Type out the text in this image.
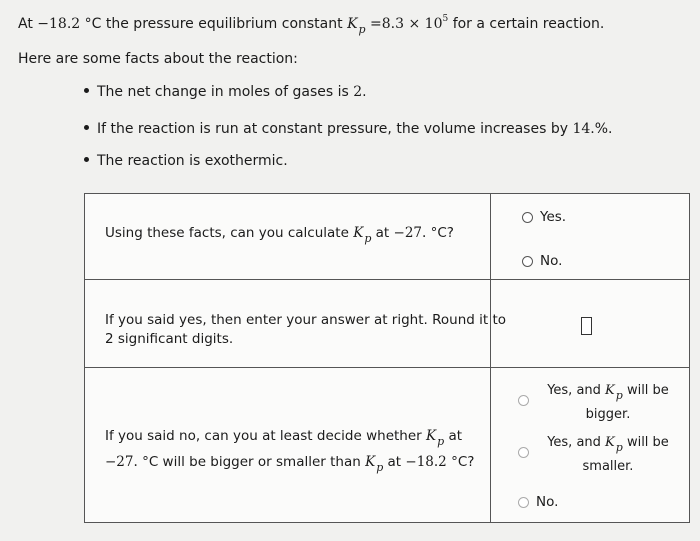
At −18.2 °C the pressure equilibrium constant $K_p =8.3 \times 10^5$ for a certain reaction.
Here are some facts about the reaction:
The net change in moles of gases is
2 .
If the reaction is run at constant pressure, the volume increases by
14. %.
The reaction is exothermic.
Using these facts, can you calculate $K_p$ at −27. °C?
Yes.
No.
If you said yes, then enter your answer at right. Round it to
2 significant digits.
If you said no, can you at least decide whether $K_p$ at
−27. °C will be bigger or smaller than $K_p$ at −18.2 °C?
Yes, and $K_p$ will be
bigger.
Yes, and $K_p$ will be
smaller.
No.
